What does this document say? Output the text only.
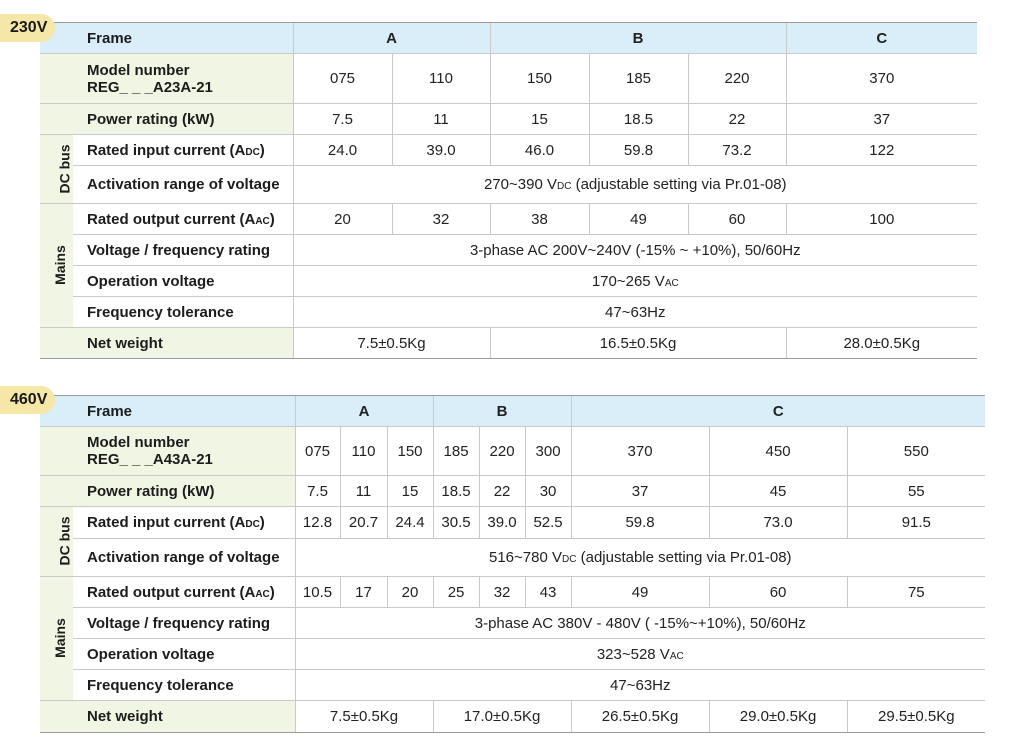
230V
	Frame	A		B			C

	Model number
REG_ _ _A23A-21	075	110	150	185	220	370
	Power rating (kW)	7.5	11	15	18.5	22	37
DC bus	Rated input current (ADC)	24.0	39.0	46.0	59.8	73.2	122
	Activation range of voltage	270~390 VDC (adjustable setting via Pr.01-08)					
Mains	Rated output current (AAC)	20	32	38	49	60	100
	Voltage / frequency rating	3-phase AC 200V~240V (-15% ~ +10%), 50/60Hz					
	Operation voltage	170~265 VAC					
	Frequency tolerance	47~63Hz					
	Net weight	7.5±0.5Kg		16.5±0.5Kg			28.0±0.5Kg
460V
	Frame	A			B			C		

	Model number
REG_ _ _A43A-21	075	110	150	185	220	300	370	450	550
	Power rating (kW)	7.5	11	15	18.5	22	30	37	45	55
DC bus	Rated input current (ADC)	12.8	20.7	24.4	30.5	39.0	52.5	59.8	73.0	91.5
	Activation range of voltage	516~780 VDC (adjustable setting via Pr.01-08)								
Mains	Rated output current (AAC)	10.5	17	20	25	32	43	49	60	75
	Voltage / frequency rating	3-phase AC 380V - 480V ( -15%~+10%), 50/60Hz								
	Operation voltage	323~528 VAC								
	Frequency tolerance	47~63Hz								
	Net weight	7.5±0.5Kg			17.0±0.5Kg			26.5±0.5Kg	29.0±0.5Kg	29.5±0.5Kg
